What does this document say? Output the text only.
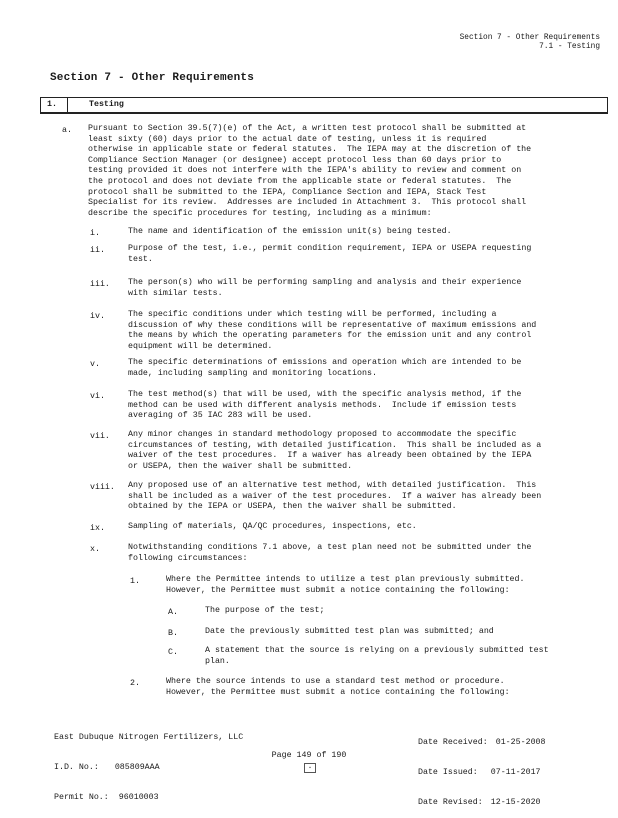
Section 7 - Other Requirements
7.1 - Testing
Section 7 - Other Requirements
1.	Testing
a. Pursuant to Section 39.5(7)(e) of the Act, a written test protocol shall be submitted at
least sixty (60) days prior to the actual date of testing, unless it is required
otherwise in applicable state or federal statutes.  The IEPA may at the discretion of the
Compliance Section Manager (or designee) accept protocol less than 60 days prior to
testing provided it does not interfere with the IEPA's ability to review and comment on
the protocol and does not deviate from the applicable state or federal statutes.  The
protocol shall be submitted to the IEPA, Compliance Section and IEPA, Stack Test
Specialist for its review.  Addresses are included in Attachment 3.  This protocol shall
describe the specific procedures for testing, including as a minimum:
i.	The name and identification of the emission unit(s) being tested.
ii.	Purpose of the test, i.e., permit condition requirement, IEPA or USEPA requesting
test.
iii. The person(s) who will be performing sampling and analysis and their experience
with similar tests.
iv.	The specific conditions under which testing will be performed, including a
discussion of why these conditions will be representative of maximum emissions and
the means by which the operating parameters for the emission unit and any control
equipment will be determined.
v.	The specific determinations of emissions and operation which are intended to be
made, including sampling and monitoring locations.
vi.	The test method(s) that will be used, with the specific analysis method, if the
method can be used with different analysis methods.  Include if emission tests
averaging of 35 IAC 283 will be used.
vii. Any minor changes in standard methodology proposed to accommodate the specific
circumstances of testing, with detailed justification.  This shall be included as a
waiver of the test procedures.  If a waiver has already been obtained by the IEPA
or USEPA, then the waiver shall be submitted.
viii. Any proposed use of an alternative test method, with detailed justification.  This
shall be included as a waiver of the test procedures.  If a waiver has already been
obtained by the IEPA or USEPA, then the waiver shall be submitted.
ix.	Sampling of materials, QA/QC procedures, inspections, etc.
x.	Notwithstanding conditions 7.1 above, a test plan need not be submitted under the
following circumstances:
1.	Where the Permittee intends to utilize a test plan previously submitted.
However, the Permittee must submit a notice containing the following:
2.	Where the source intends to use a standard test method or procedure.
However, the Permittee must submit a notice containing the following:
A.	The purpose of the test;
B.	Date the previously submitted test plan was submitted; and
C.	A statement that the source is relying on a previously submitted test
plan.

East Dubuque Nitrogen Fertilizers, LLC

I.D. No.: 085809AAA

Permit No.: 96010003

Date Received: 01-25-2008

Date Issued: 07-11-2017

Date Revised: 12-15-2020

Page 149 of 190
▪
